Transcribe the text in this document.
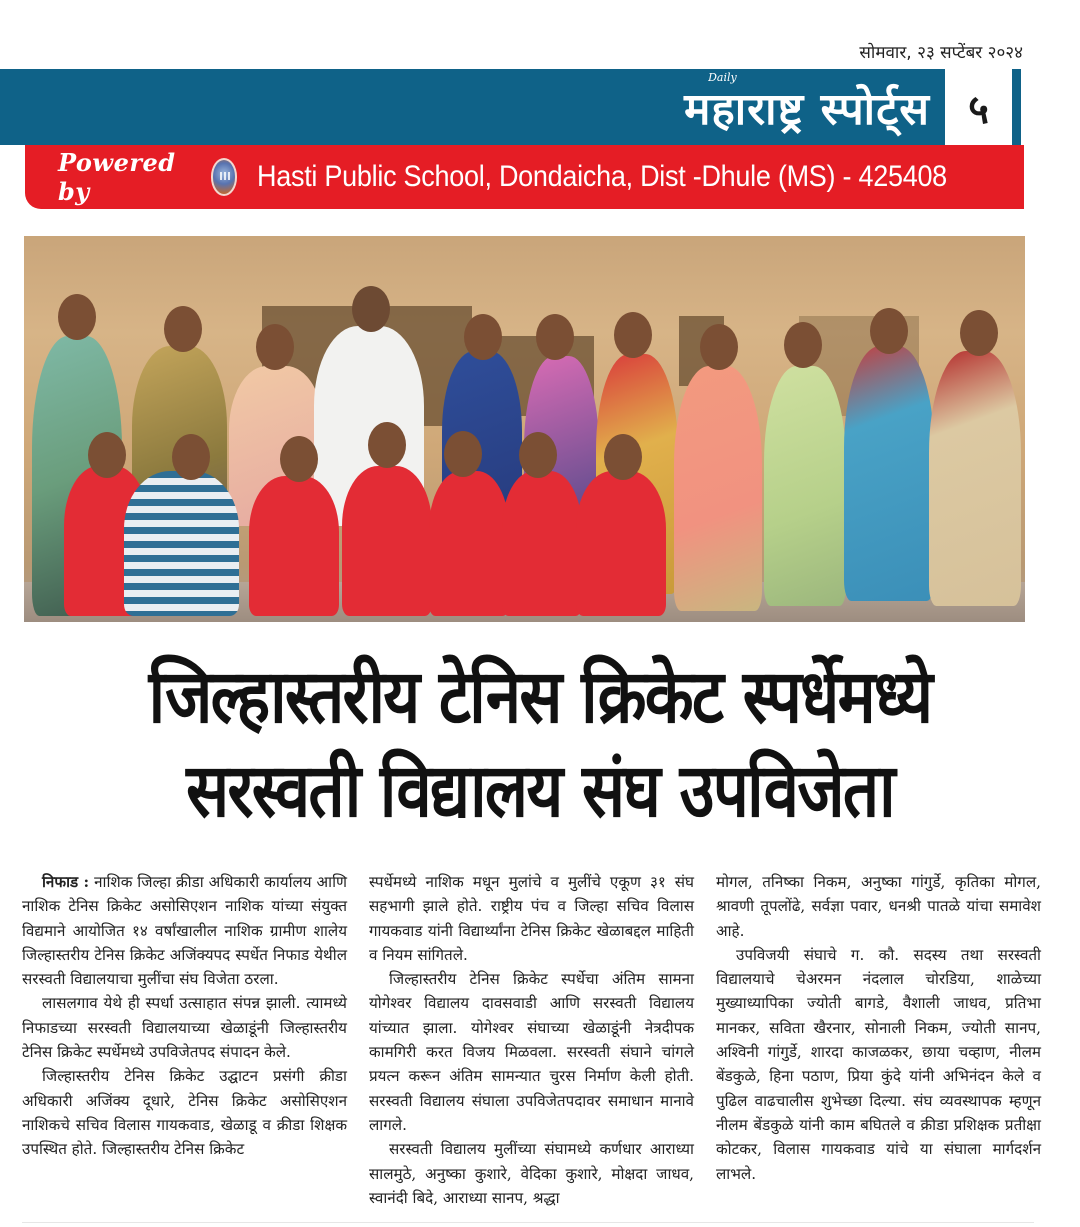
सोमवार, २३ सप्टेंबर २०२४
Daily
महाराष्ट्र स्पोर्ट्स ५
Powered by	Hasti Public School, Dondaicha, Dist -Dhule (MS) - 425408
जिल्हास्तरीय टेनिस क्रिकेट स्पर्धेमध्ये
सरस्वती विद्यालय संघ उपविजेता

निफाड : नाशिक जिल्हा क्रीडा अधिकारी कार्यालय आणि नाशिक टेनिस क्रिकेट असोसिएशन नाशिक यांच्या संयुक्त विद्यमाने आयोजित १४ वर्षांखालील नाशिक ग्रामीण शालेय जिल्हास्तरीय टेनिस क्रिकेट अजिंक्यपद स्पर्धेत निफाड येथील सरस्वती विद्यालयाचा मुलींचा संघ विजेता ठरला.

लासलगाव येथे ही स्पर्धा उत्साहात संपन्न झाली. त्यामध्ये निफाडच्या सरस्वती विद्यालयाच्या खेळाडूंनी जिल्हास्तरीय टेनिस क्रिकेट स्पर्धेमध्ये उपविजेतपद संपादन केले.

जिल्हास्तरीय टेनिस क्रिकेट उद्घाटन प्रसंगी क्रीडा अधिकारी अजिंक्य दूधारे, टेनिस क्रिकेट असोसिएशन नाशिकचे सचिव विलास गायकवाड, खेळाडू व क्रीडा शिक्षक उपस्थित होते. जिल्हास्तरीय टेनिस क्रिकेट

स्पर्धेमध्ये नाशिक मधून मुलांचे व मुलींचे एकूण ३१ संघ सहभागी झाले होते. राष्ट्रीय पंच व जिल्हा सचिव विलास गायकवाड यांनी विद्यार्थ्यांना टेनिस क्रिकेट खेळाबद्दल माहिती व नियम सांगितले.

जिल्हास्तरीय टेनिस क्रिकेट स्पर्धेचा अंतिम सामना योगेश्वर विद्यालय दावसवाडी आणि सरस्वती विद्यालय यांच्यात झाला. योगेश्वर संघाच्या खेळाडूंनी नेत्रदीपक कामगिरी करत विजय मिळवला. सरस्वती संघाने चांगले प्रयत्न करून अंतिम सामन्यात चुरस निर्माण केली होती. सरस्वती विद्यालय संघाला उपविजेतपदावर समाधान मानावे लागले.

सरस्वती विद्यालय मुलींच्या संघामध्ये कर्णधार आराध्या सालमुठे, अनुष्का कुशारे, वेदिका कुशारे, मोक्षदा जाधव, स्वानंदी बिदे, आराध्या सानप, श्रद्धा

मोगल, तनिष्का निकम, अनुष्का गांगुर्डे, कृतिका मोगल, श्रावणी तूपलोंढे, सर्वज्ञा पवार, धनश्री पातळे यांचा समावेश आहे.

उपविजयी संघाचे ग. कौ. सदस्य तथा सरस्वती विद्यालयाचे चेअरमन नंदलाल चोरडिया, शाळेच्या मुख्याध्यापिका ज्योती बागडे, वैशाली जाधव, प्रतिभा मानकर, सविता खैरनार, सोनाली निकम, ज्योती सानप, अश्विनी गांगुर्डे, शारदा काजळकर, छाया चव्हाण, नीलम बेंडकुळे, हिना पठाण, प्रिया कुंदे यांनी अभिनंदन केले व पुढिल वाढचालीस शुभेच्छा दिल्या. संघ व्यवस्थापक म्हणून नीलम बेंडकुळे यांनी काम बघितले व क्रीडा प्रशिक्षक प्रतीक्षा कोटकर, विलास गायकवाड यांचे या संघाला मार्गदर्शन लाभले.
